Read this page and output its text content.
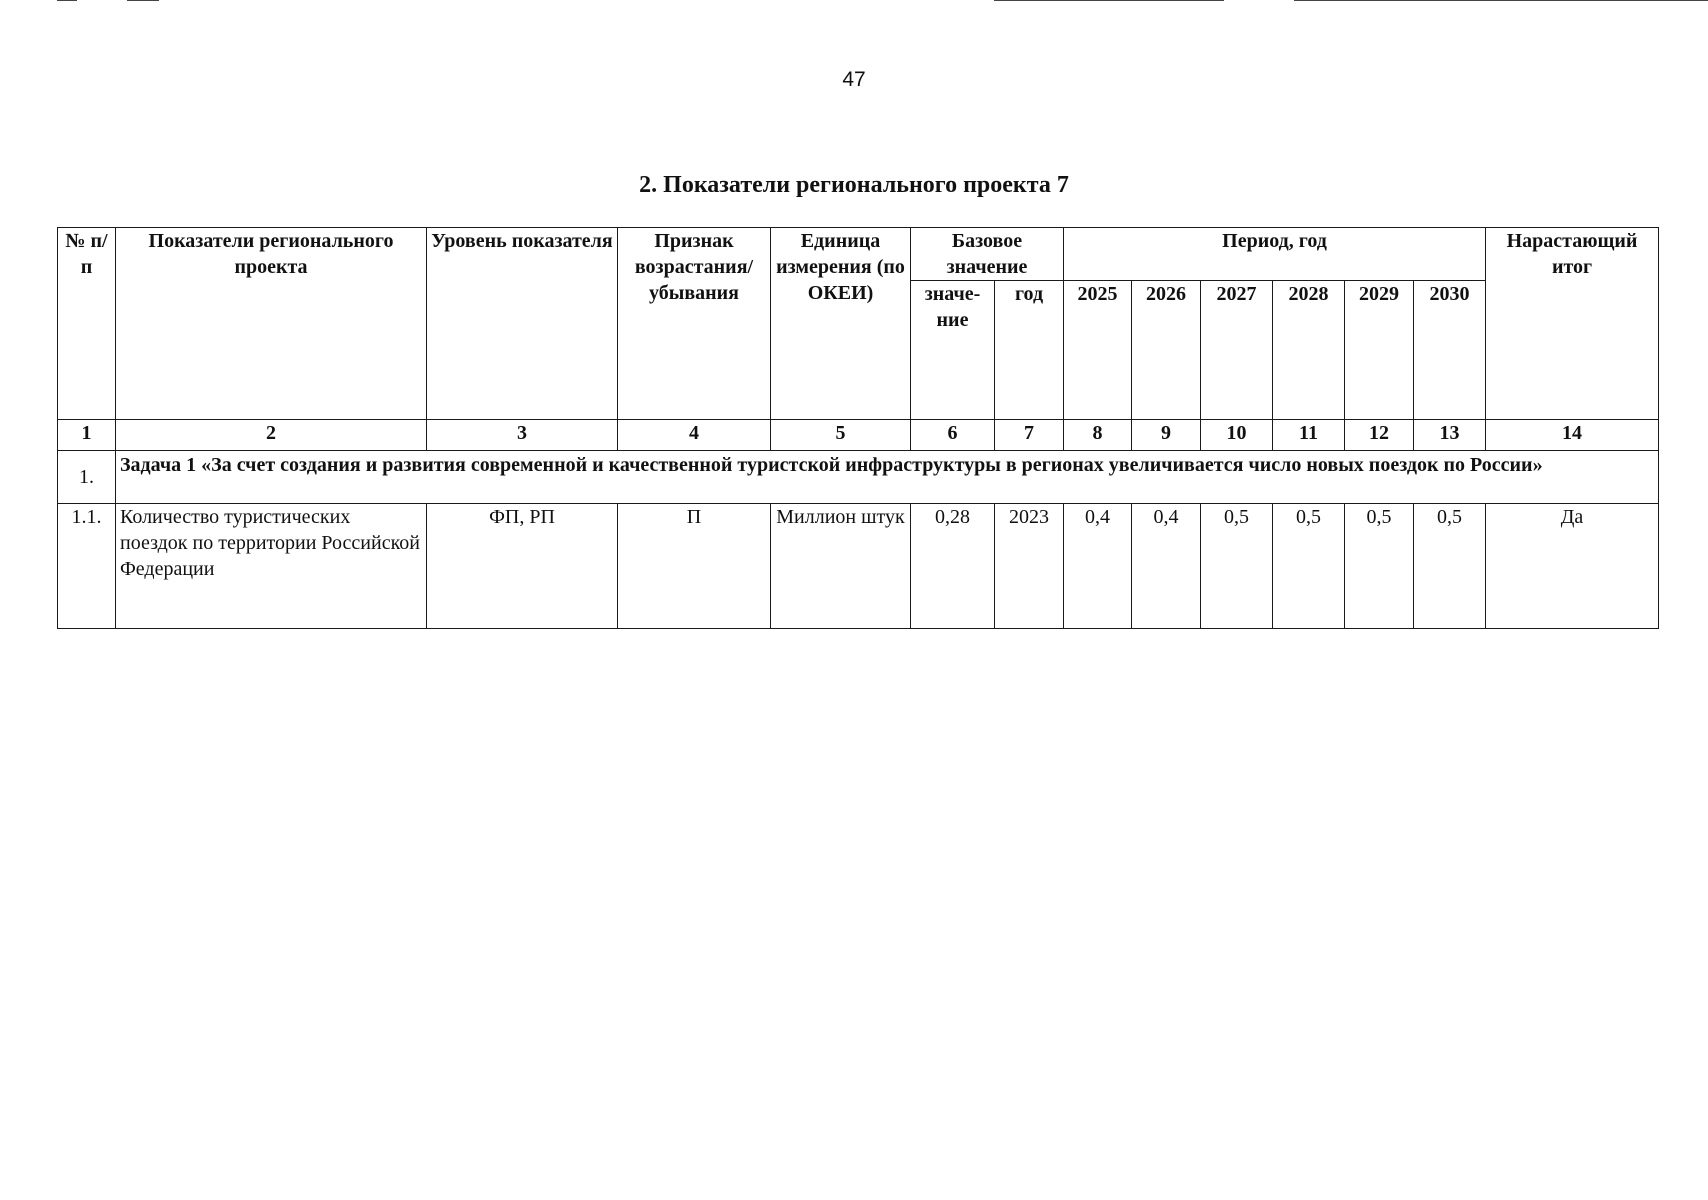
47
2. Показатели регионального проекта 7
№ п/п	Показатели регионального проекта	Уровень показателя	Признак возрастания/ убывания	Единица измерения (по ОКЕИ)	Базовое значение		Период, год						Нарастающий итог
					значе-ние	год	2025	2026	2027	2028	2029	2030	
1	2	3	4	5	6	7	8	9	10	11	12	13	14
1.	Задача 1 «За счет создания и развития современной и качественной туристской инфраструктуры в регионах увеличивается число новых поездок по России»												
1.1.	Количество туристических поездок по территории Российской Федерации	ФП, РП	П	Миллион штук	0,28	2023	0,4	0,4	0,5	0,5	0,5	0,5	Да
